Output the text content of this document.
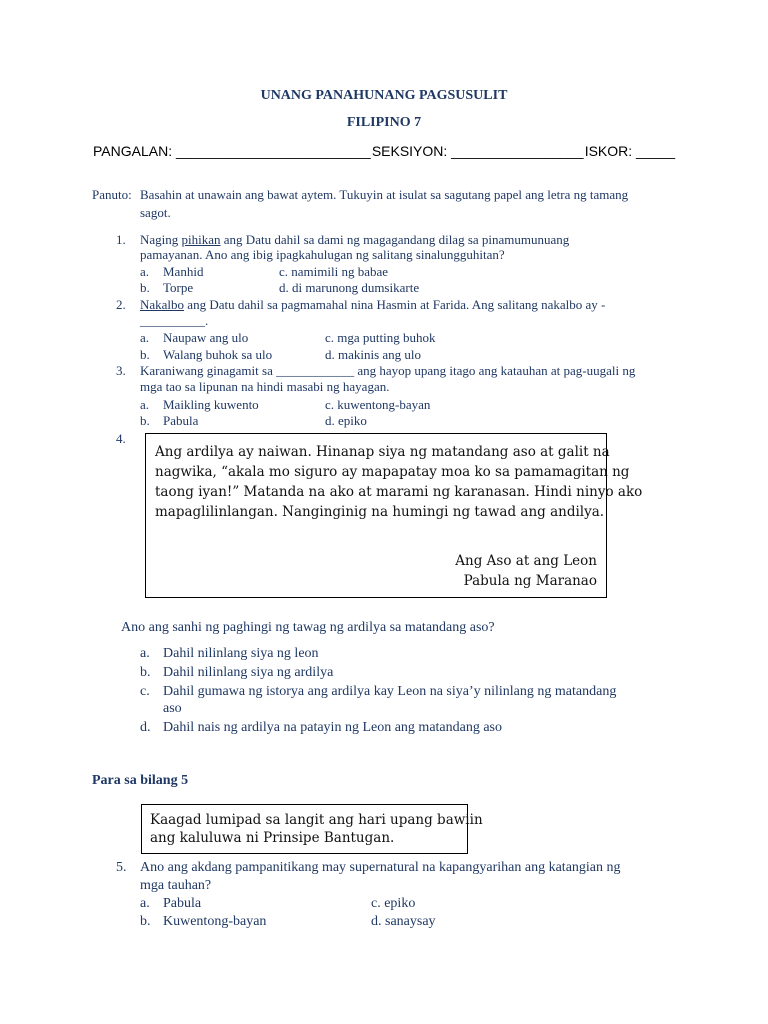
UNANG PANAHUNANG PAGSUSULIT
FILIPINO 7
PANGALAN: _________________________ SEKSIYON: _________________ ISKOR: _____
Panuto: Basahin at unawain ang bawat aytem. Tukuyin at isulat sa sagutang papel ang letra ng tamang
sagot.
1. Naging pihikan ang Datu dahil sa dami ng magagandang dilag sa pinamumunuang
pamayanan. Ano ang ibig ipagkahulugan ng salitang sinalungguhitan?
a. Manhid
b. Torpe
c. namimili ng babae
d. di marunong dumsikarte
2. Nakalbo ang Datu dahil sa pagmamahal nina Hasmin at Farida. Ang salitang nakalbo ay -
__________.
a. Naupaw ang ulo
b. Walang buhok sa ulo
c. mga putting buhok
d. makinis ang ulo
3. Karaniwang ginagamit sa ____________ ang hayop upang itago ang katauhan at pag-uugali ng
mga tao sa lipunan na hindi masabi ng hayagan.
a. Maikling kuwento
b. Pabula
c. kuwentong-bayan
d. epiko
4.
Ang ardilya ay naiwan. Hinanap siya ng matandang aso at galit na
nagwika, “akala mo siguro ay mapapatay moa ko sa pamamagitan ng
taong iyan!” Matanda na ako at marami ng karanasan. Hindi ninyo ako
mapaglilinlangan. Nanginginig na humingi ng tawad ang andilya.
Ang Aso at ang Leon
Pabula ng Maranao
Ano ang sanhi ng paghingi ng tawag ng ardilya sa matandang aso?
a. Dahil nilinlang siya ng leon
b. Dahil nilinlang siya ng ardilya
c. Dahil gumawa ng istorya ang ardilya kay Leon na siya’y nilinlang ng matandang
aso
d. Dahil nais ng ardilya na patayin ng Leon ang matandang aso
Para sa bilang 5
Kaagad lumipad sa langit ang hari upang bawiin
ang kaluluwa ni Prinsipe Bantugan.
5. Ano ang akdang pampanitikang may supernatural na kapangyarihan ang katangian ng
mga tauhan?
a. Pabula
b. Kuwentong-bayan
c. epiko
d. sanaysay
